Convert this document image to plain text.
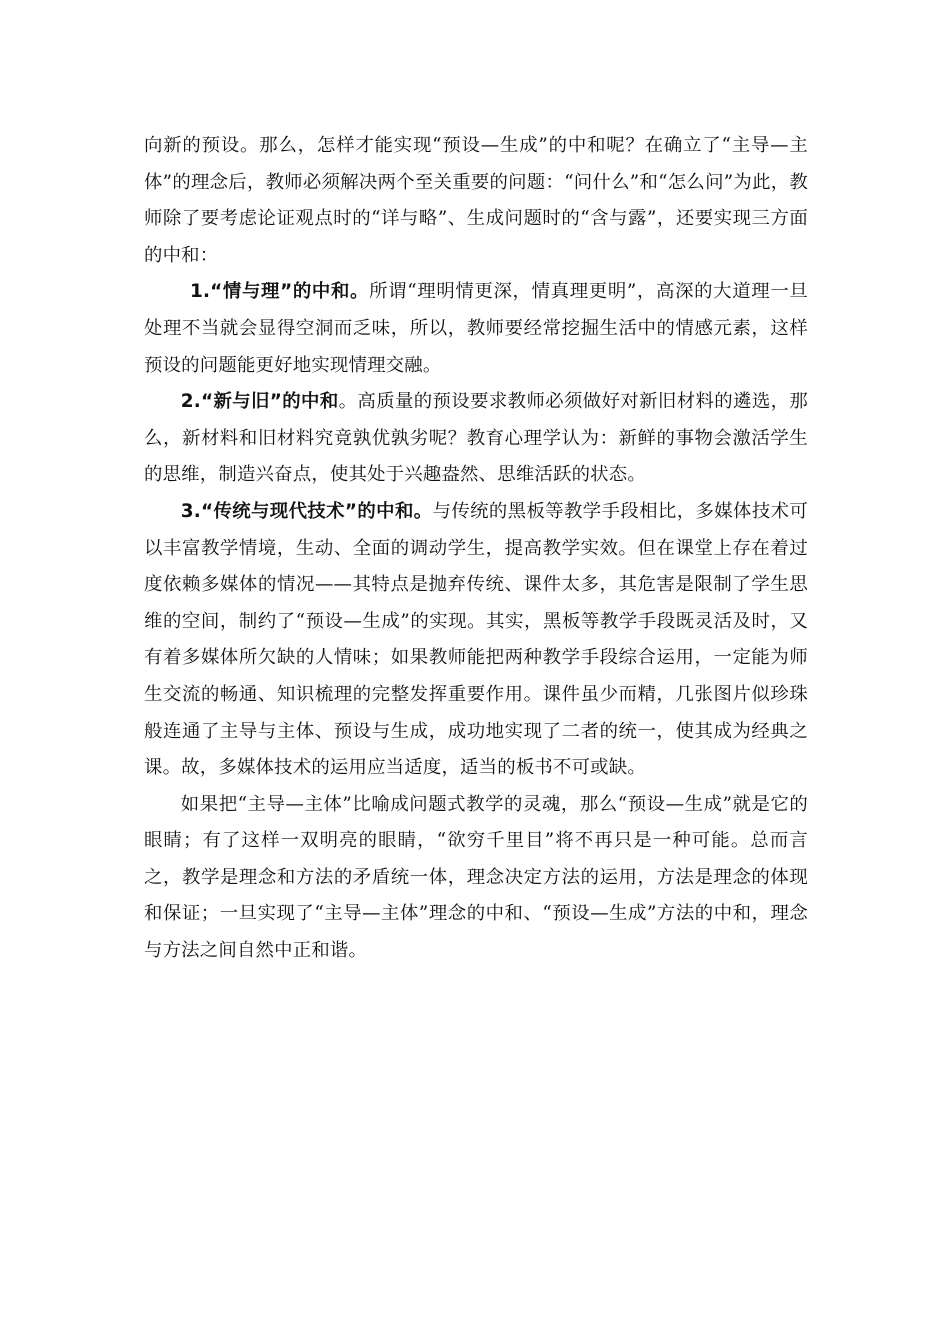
向新的预设。那么，怎样才能实现“预设—生成”的中和呢？在确立了“主导—主体”的理念后，教师必须解决两个至关重要的问题：“问什么”和“怎么问”为此，教师除了要考虑论证观点时的“详与略”、生成问题时的“含与露”，还要实现三方面的中和：

1.“情与理”的中和。所谓“理明情更深，情真理更明”，高深的大道理一旦处理不当就会显得空洞而乏味，所以，教师要经常挖掘生活中的情感元素，这样预设的问题能更好地实现情理交融。

2.“新与旧”的中和。高质量的预设要求教师必须做好对新旧材料的遴选，那么，新材料和旧材料究竟孰优孰劣呢？教育心理学认为：新鲜的事物会激活学生的思维，制造兴奋点，使其处于兴趣盎然、思维活跃的状态。

3.“传统与现代技术”的中和。与传统的黑板等教学手段相比，多媒体技术可以丰富教学情境，生动、全面的调动学生，提高教学实效。但在课堂上存在着过度依赖多媒体的情况——其特点是抛弃传统、课件太多，其危害是限制了学生思维的空间，制约了“预设—生成”的实现。其实，黑板等教学手段既灵活及时，又有着多媒体所欠缺的人情味；如果教师能把两种教学手段综合运用，一定能为师生交流的畅通、知识梳理的完整发挥重要作用。课件虽少而精，几张图片似珍珠般连通了主导与主体、预设与生成，成功地实现了二者的统一，使其成为经典之课。故，多媒体技术的运用应当适度，适当的板书不可或缺。

如果把“主导—主体”比喻成问题式教学的灵魂，那么“预设—生成”就是它的眼睛；有了这样一双明亮的眼睛，“欲穷千里目”将不再只是一种可能。总而言之，教学是理念和方法的矛盾统一体，理念决定方法的运用，方法是理念的体现和保证；一旦实现了“主导—主体”理念的中和、“预设—生成”方法的中和，理念与方法之间自然中正和谐。
